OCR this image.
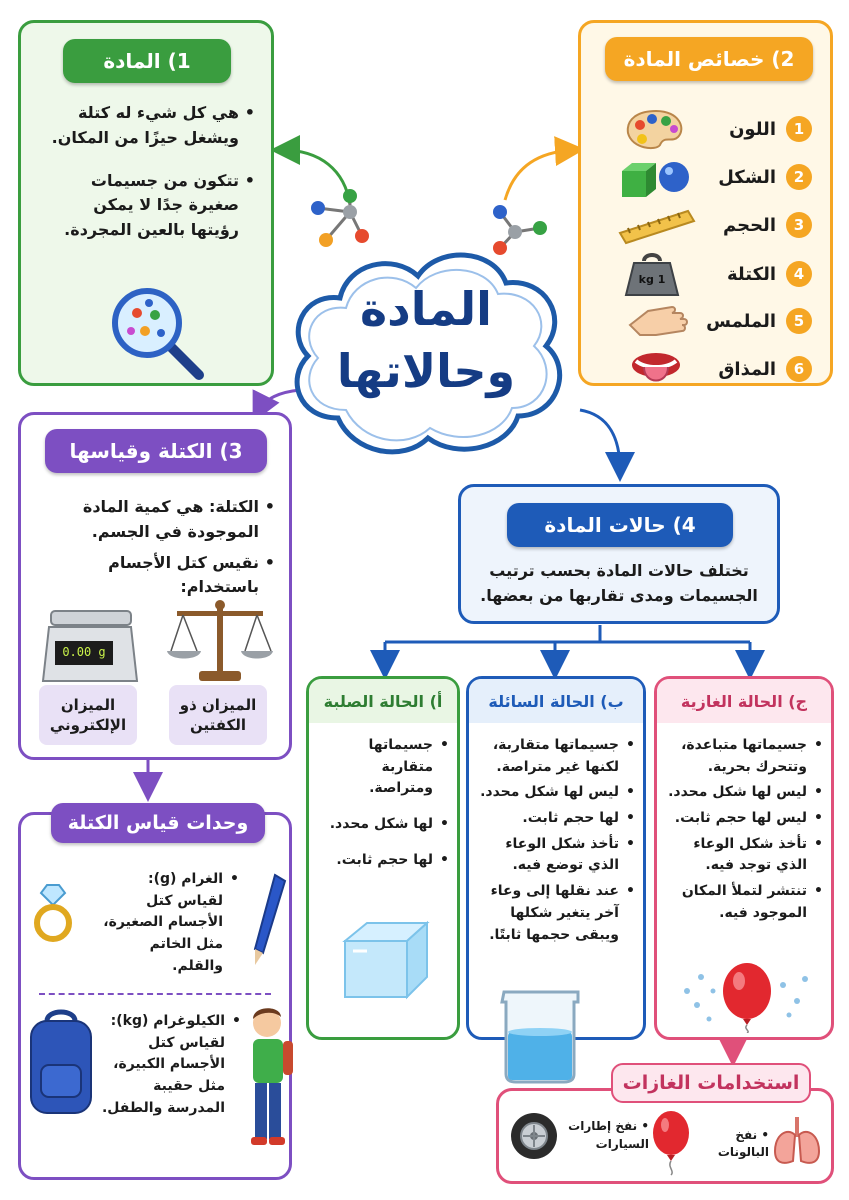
المادة
وحالاتها
1) المادة
• هي كل شيء له كتلة ويشغل حيزًا من المكان.
• تتكون من جسيمات صغيرة جدًا لا يمكن رؤيتها بالعين المجردة.
2) خصائص المادة
1
اللون
2
الشكل
3
الحجم
4
الكتلة
1 kg
5
الملمس
6
المذاق
3) الكتلة وقياسها
• الكتلة: هي كمية المادة الموجودة في الجسم.
• نقيس كتل الأجسام باستخدام:
0.00 g
الميزان ذو الكفتين
الميزان الإلكتروني
وحدات قياس الكتلة
• الغرام (g): لقياس كتل الأجسام الصغيرة، مثل الخاتم والقلم.
• الكيلوغرام (kg): لقياس كتل الأجسام الكبيرة، مثل حقيبة المدرسة والطفل.
4) حالات المادة
تختلف حالات المادة بحسب ترتيب الجسيمات ومدى تقاربها من بعضها.
أ) الحالة الصلبة
• جسيماتها متقاربة ومتراصة.
• لها شكل محدد.
• لها حجم ثابت.
ب) الحالة السائلة
• جسيماتها متقاربة، لكنها غير متراصة.
• ليس لها شكل محدد.
• لها حجم ثابت.
• تأخذ شكل الوعاء الذي توضع فيه.
• عند نقلها إلى وعاء آخر يتغير شكلها ويبقى حجمها ثابتًا.
ج) الحالة الغازية
• جسيماتها متباعدة، وتتحرك بحرية.
• ليس لها شكل محدد.
• ليس لها حجم ثابت.
• تأخذ شكل الوعاء الذي توجد فيه.
• تنتشر لتملأ المكان الموجود فيه.
استخدامات الغازات
• نفخ البالونات
• نفخ إطارات السيارات
